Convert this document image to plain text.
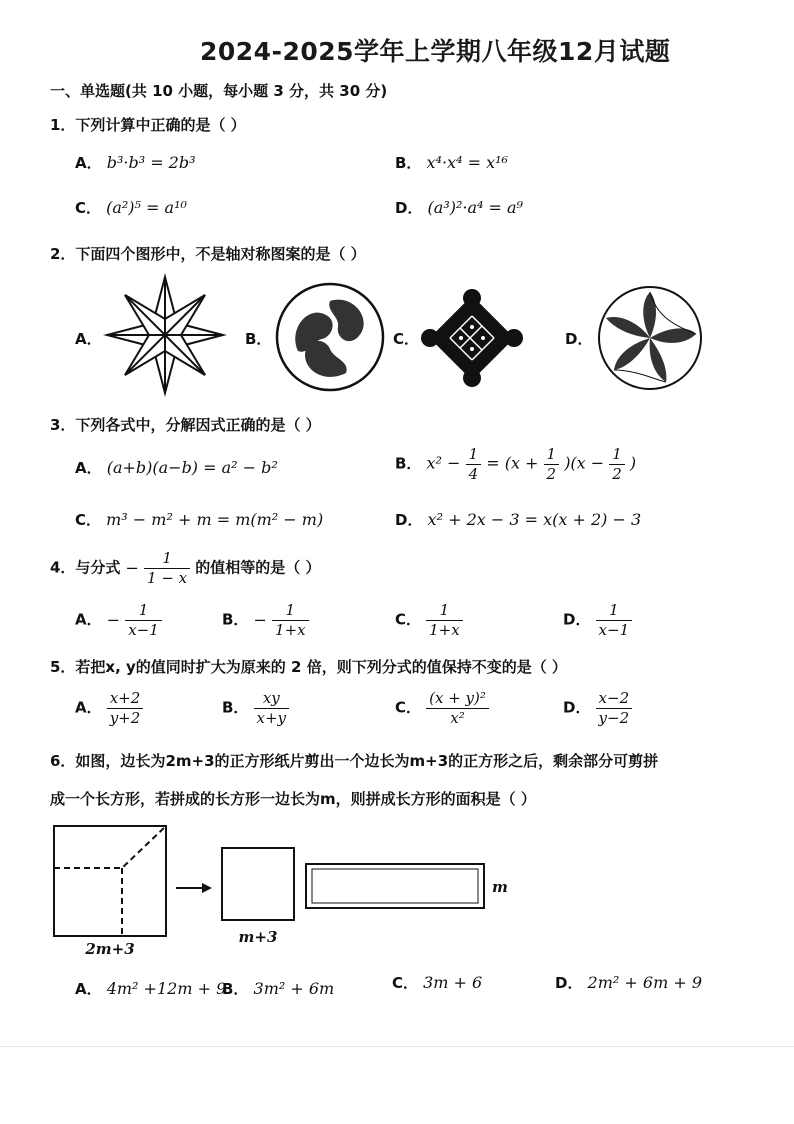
2024-2025学年上学期八年级12月试题
一、单选题(共 10 小题，每小题 3 分，共 30 分)
1．下列计算中正确的是（ ）
A． b³·b³ = 2b³	B． x⁴·x⁴ = x¹⁶
C． (a²)⁵ = a¹⁰	D． (a³)²·a⁴ = a⁹
2．下面四个图形中，不是轴对称图案的是（ ）
A．	B．	C．	D．
3．下列各式中，分解因式正确的是（ ）
A． (a+b)(a−b) = a² − b²	B． $x^2 - \frac{1}{4} = (x + \frac{1}{2} )(x - \frac{1}{2}$ )
C． m³ − m² + m = m(m² − m)	D． x² + 2x − 3 = x(x + 2) − 3
4．与分式 − $\frac{1}{1 - x}$ 的值相等的是（ ）
A． − $\frac{1}{x-1}$	B． − $\frac{1}{1+x}$	C． $\frac{1}{1+x}$	D． $\frac{1}{x-1}$
5．若把x, y的值同时扩大为原来的 2 倍，则下列分式的值保持不变的是（ ）
A． $\frac{x+2}{y+2}$	B． $\frac{xy}{x+y}$	C． $\frac{\text{(x + y)²}}{\text{x²}}$	D． $\frac{x-2}{y-2}$
6．如图，边长为2m+3的正方形纸片剪出一个边长为m+3的正方形之后，剩余部分可剪拼
成一个长方形，若拼成的长方形一边长为m，则拼成长方形的面积是（ ）
2m+3
m+3
m
A． 4m² +12m + 9
B． 3m² + 6m	C． 3m + 6	D． 2m² + 6m + 9
